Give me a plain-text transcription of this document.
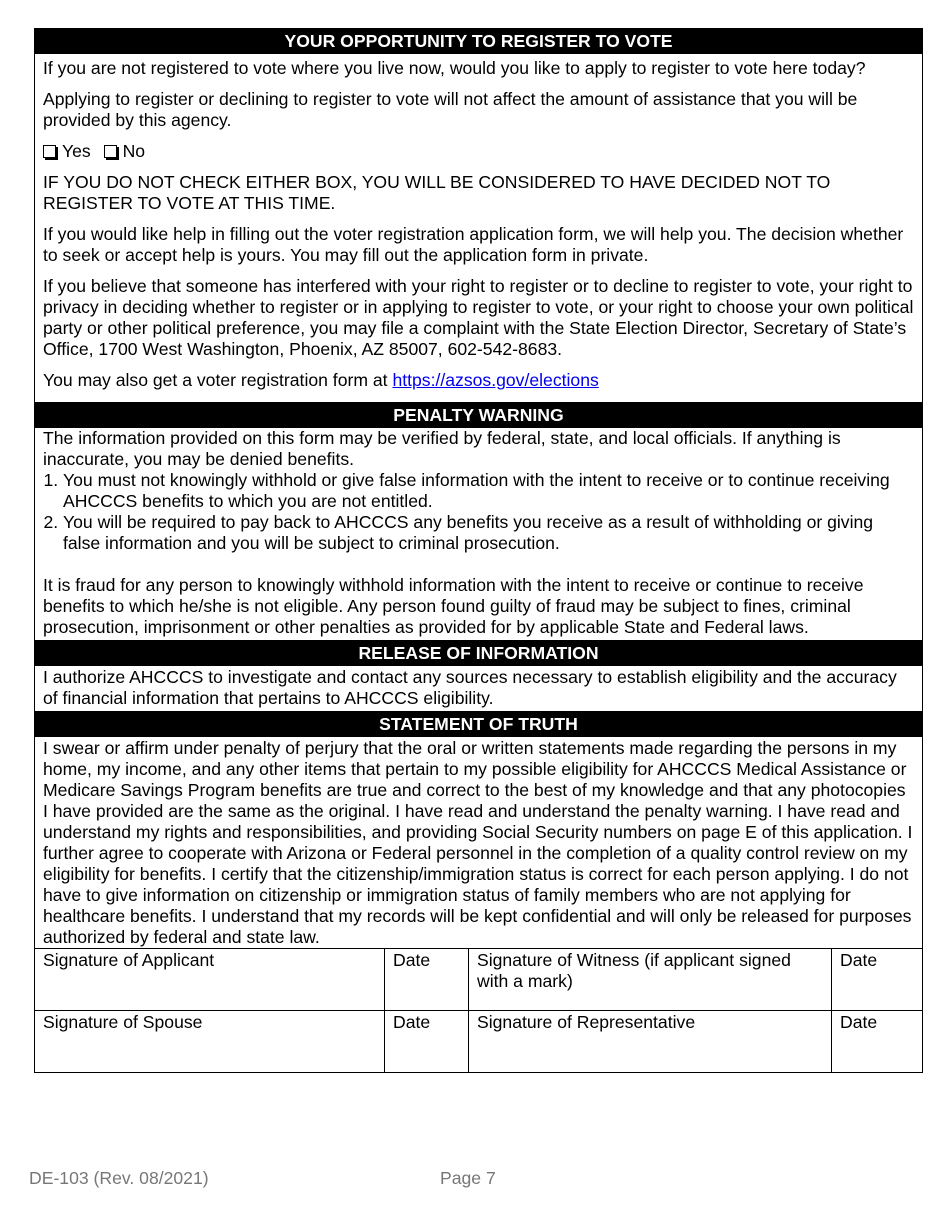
YOUR OPPORTUNITY TO REGISTER TO VOTE

If you are not registered to vote where you live now, would you like to apply to register to vote here today?

Applying to register or declining to register to vote will not affect the amount of assistance that you will be provided by this agency.

Yes No

IF YOU DO NOT CHECK EITHER BOX, YOU WILL BE CONSIDERED TO HAVE DECIDED NOT TO REGISTER TO VOTE AT THIS TIME.

If you would like help in filling out the voter registration application form, we will help you. The decision whether to seek or accept help is yours. You may fill out the application form in private.

If you believe that someone has interfered with your right to register or to decline to register to vote, your right to privacy in deciding whether to register or in applying to register to vote, or your right to choose your own political party or other political preference, you may file a complaint with the State Election Director, Secretary of State’s Office, 1700 West Washington, Phoenix, AZ 85007, 602-542-8683.

You may also get a voter registration form at https://azsos.gov/elections

PENALTY WARNING

The information provided on this form may be verified by federal, state, and local officials. If anything is inaccurate, you may be denied benefits.

1. You must not knowingly withhold or give false information with the intent to receive or to continue receiving AHCCCS benefits to which you are not entitled.
2. You will be required to pay back to AHCCCS any benefits you receive as a result of withholding or giving false information and you will be subject to criminal prosecution.

It is fraud for any person to knowingly withhold information with the intent to receive or continue to receive benefits to which he/she is not eligible. Any person found guilty of fraud may be subject to fines, criminal prosecution, imprisonment or other penalties as provided for by applicable State and Federal laws.

RELEASE OF INFORMATION

I authorize AHCCCS to investigate and contact any sources necessary to establish eligibility and the accuracy of financial information that pertains to AHCCCS eligibility.

STATEMENT OF TRUTH

I swear or affirm under penalty of perjury that the oral or written statements made regarding the persons in my home, my income, and any other items that pertain to my possible eligibility for AHCCCS Medical Assistance or Medicare Savings Program benefits are true and correct to the best of my knowledge and that any photocopies I have provided are the same as the original. I have read and understand the penalty warning. I have read and understand my rights and responsibilities, and providing Social Security numbers on page E of this application. I further agree to cooperate with Arizona or Federal personnel in the completion of a quality control review on my eligibility for benefits. I certify that the citizenship/immigration status is correct for each person applying. I do not have to give information on citizenship or immigration status of family members who are not applying for healthcare benefits. I understand that my records will be kept confidential and will only be released for purposes authorized by federal and state law.

Signature of Applicant	Date	Signature of Witness (if applicant signed with a mark)	Date
Signature of Spouse	Date	Signature of Representative	Date
DE-103 (Rev. 08/2021)	Page 7
